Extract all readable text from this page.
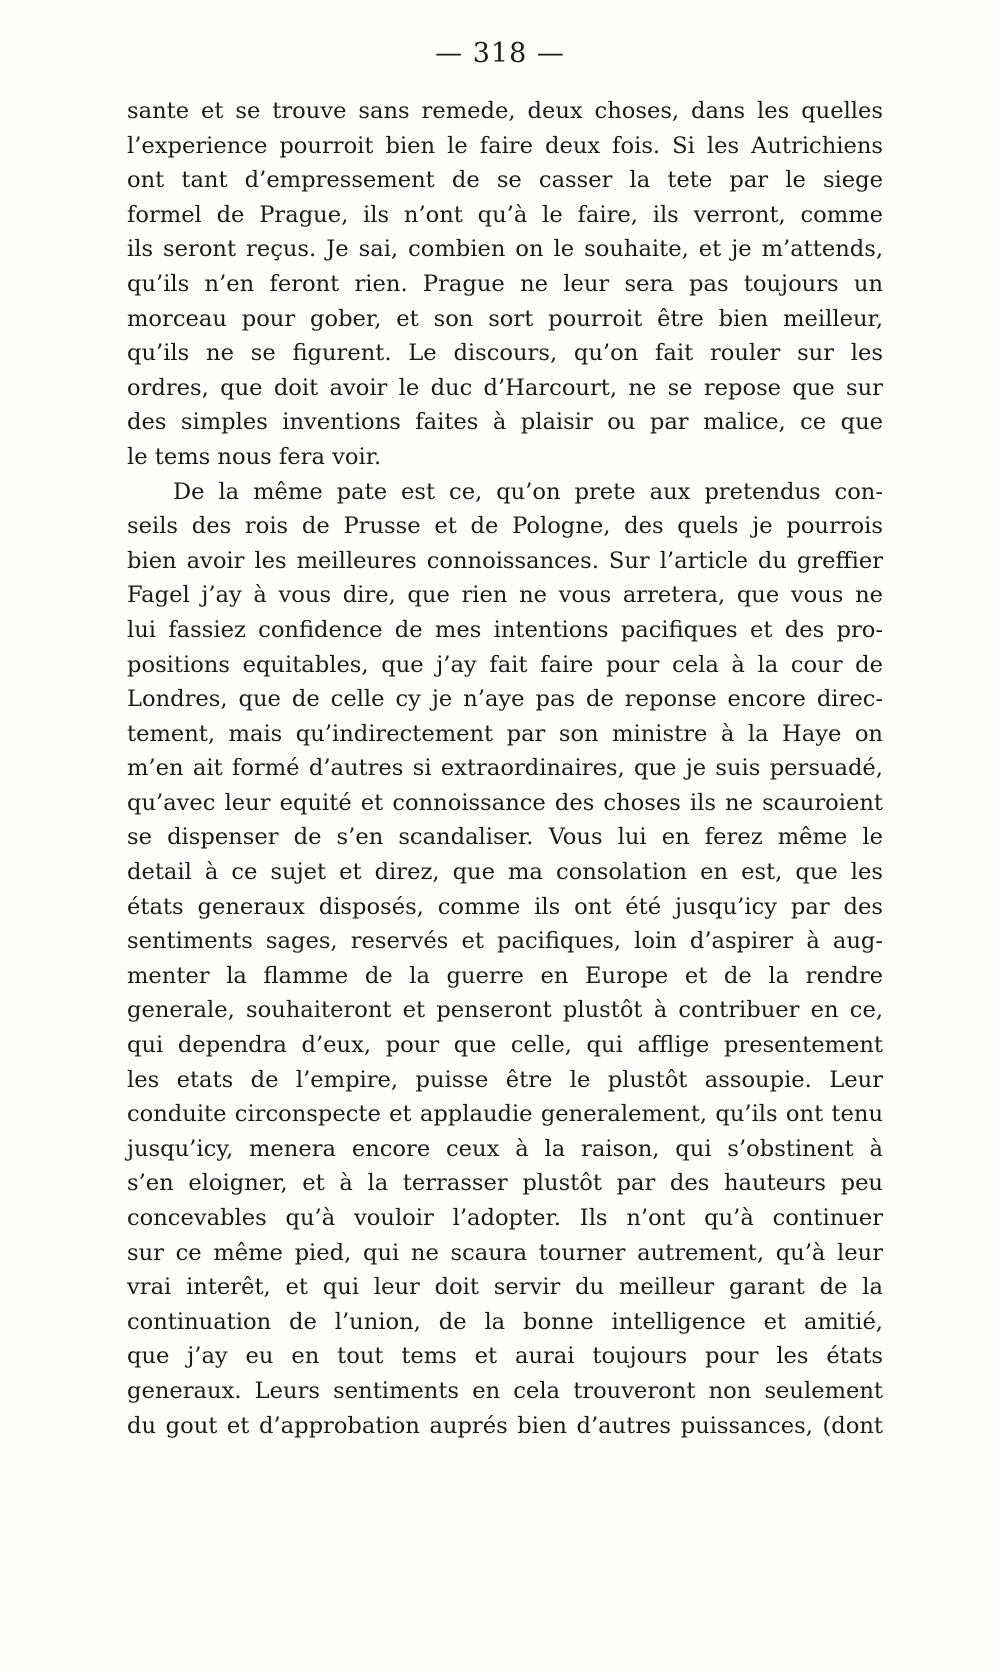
— 318 —
sante et se trouve sans remede, deux choses, dans les quelles
l’experience pourroit bien le faire deux fois. Si les Autrichiens
ont tant d’empressement de se casser la tete par le siege
formel de Prague, ils n’ont qu’à le faire, ils verront, comme
ils seront reçus. Je sai, combien on le souhaite, et je m’attends,
qu’ils n’en feront rien. Prague ne leur sera pas toujours un
morceau pour gober, et son sort pourroit être bien meilleur,
qu’ils ne se figurent. Le discours, qu’on fait rouler sur les
ordres, que doit avoir le duc d’Harcourt, ne se repose que sur
des simples inventions faites à plaisir ou par malice, ce que
le tems nous fera voir.
De la même pate est ce, qu’on prete aux pretendus con-
seils des rois de Prusse et de Pologne, des quels je pourrois
bien avoir les meilleures connoissances. Sur l’article du greffier
Fagel j’ay à vous dire, que rien ne vous arretera, que vous ne
lui fassiez confidence de mes intentions pacifiques et des pro-
positions equitables, que j’ay fait faire pour cela à la cour de
Londres, que de celle cy je n’aye pas de reponse encore direc-
tement, mais qu’indirectement par son ministre à la Haye on
m’en ait formé d’autres si extraordinaires, que je suis persuadé,
qu’avec leur equité et connoissance des choses ils ne scauroient
se dispenser de s’en scandaliser. Vous lui en ferez même le
detail à ce sujet et direz, que ma consolation en est, que les
états generaux disposés, comme ils ont été jusqu’icy par des
sentiments sages, reservés et pacifiques, loin d’aspirer à aug-
menter la flamme de la guerre en Europe et de la rendre
generale, souhaiteront et penseront plustôt à contribuer en ce,
qui dependra d’eux, pour que celle, qui afflige presentement
les etats de l’empire, puisse être le plustôt assoupie. Leur
conduite circonspecte et applaudie generalement, qu’ils ont tenu
jusqu’icy, menera encore ceux à la raison, qui s’obstinent à
s’en eloigner, et à la terrasser plustôt par des hauteurs peu
concevables qu’à vouloir l’adopter. Ils n’ont qu’à continuer
sur ce même pied, qui ne scaura tourner autrement, qu’à leur
vrai interêt, et qui leur doit servir du meilleur garant de la
continuation de l’union, de la bonne intelligence et amitié,
que j’ay eu en tout tems et aurai toujours pour les états
generaux. Leurs sentiments en cela trouveront non seulement
du gout et d’approbation auprés bien d’autres puissances, (dont
